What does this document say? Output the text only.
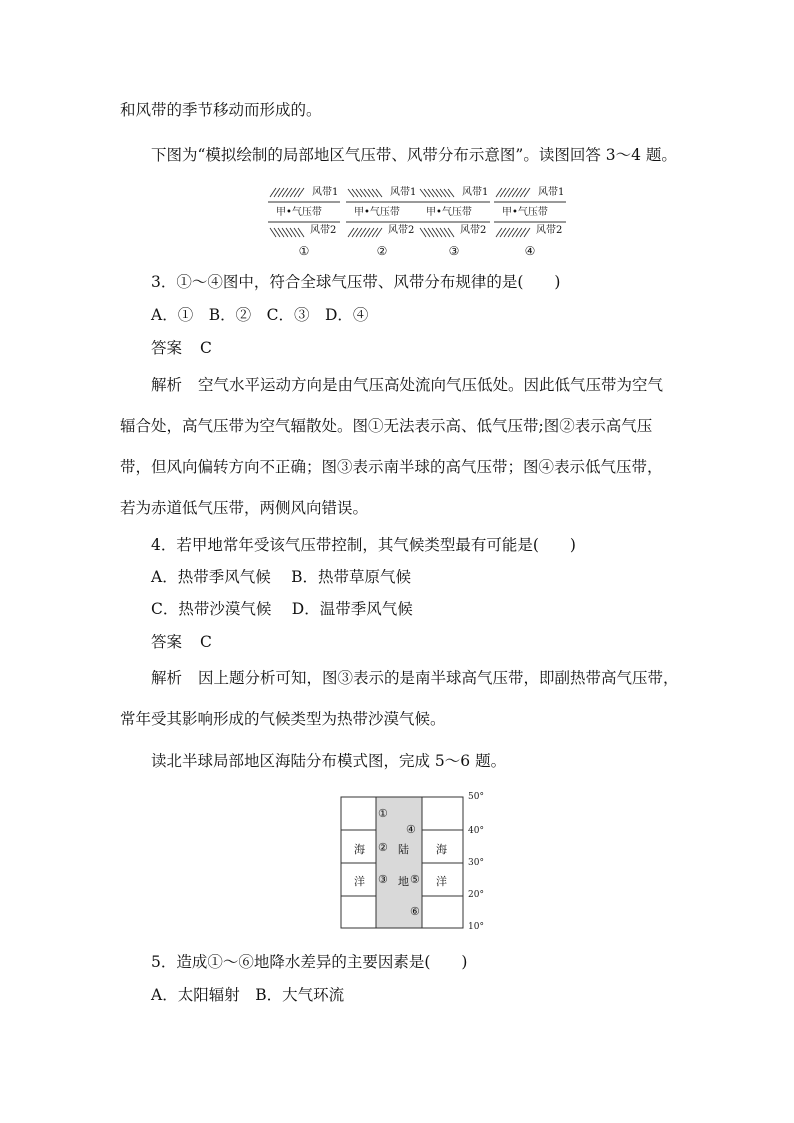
和风带的季节移动而形成的。
下图为“模拟绘制的局部地区气压带、风带分布示意图”。读图回答 3～4 题。
风带1
甲•气压带
风带2
①
风带1
甲•气压带
风带2
②
风带1
甲•气压带
风带2
③
风带1
甲•气压带
风带2
④
3．①～④图中，符合全球气压带、风带分布规律的是(　　)
A．①　B．②　C．③　D．④
答案 C
解析 空气水平运动方向是由气压高处流向气压低处。因此低气压带为空气
辐合处，高气压带为空气辐散处。图①无法表示高、低气压带;图②表示高气压
带，但风向偏转方向不正确；图③表示南半球的高气压带；图④表示低气压带，
若为赤道低气压带，两侧风向错误。
4．若甲地常年受该气压带控制，其气候类型最有可能是(　　)
A．热带季风气候　 B．热带草原气候
C．热带沙漠气候　 D．温带季风气候
答案 C
解析 因上题分析可知，图③表示的是南半球高气压带，即副热带高气压带，
常年受其影响形成的气候类型为热带沙漠气候。
读北半球局部地区海陆分布模式图，完成 5～6 题。
海
洋
海
洋
陆
地
①
②
③
④
⑤
⑥
50°
40°
30°
20°
10°
5．造成①～⑥地降水差异的主要因素是(　　)
A．太阳辐射　B．大气环流
